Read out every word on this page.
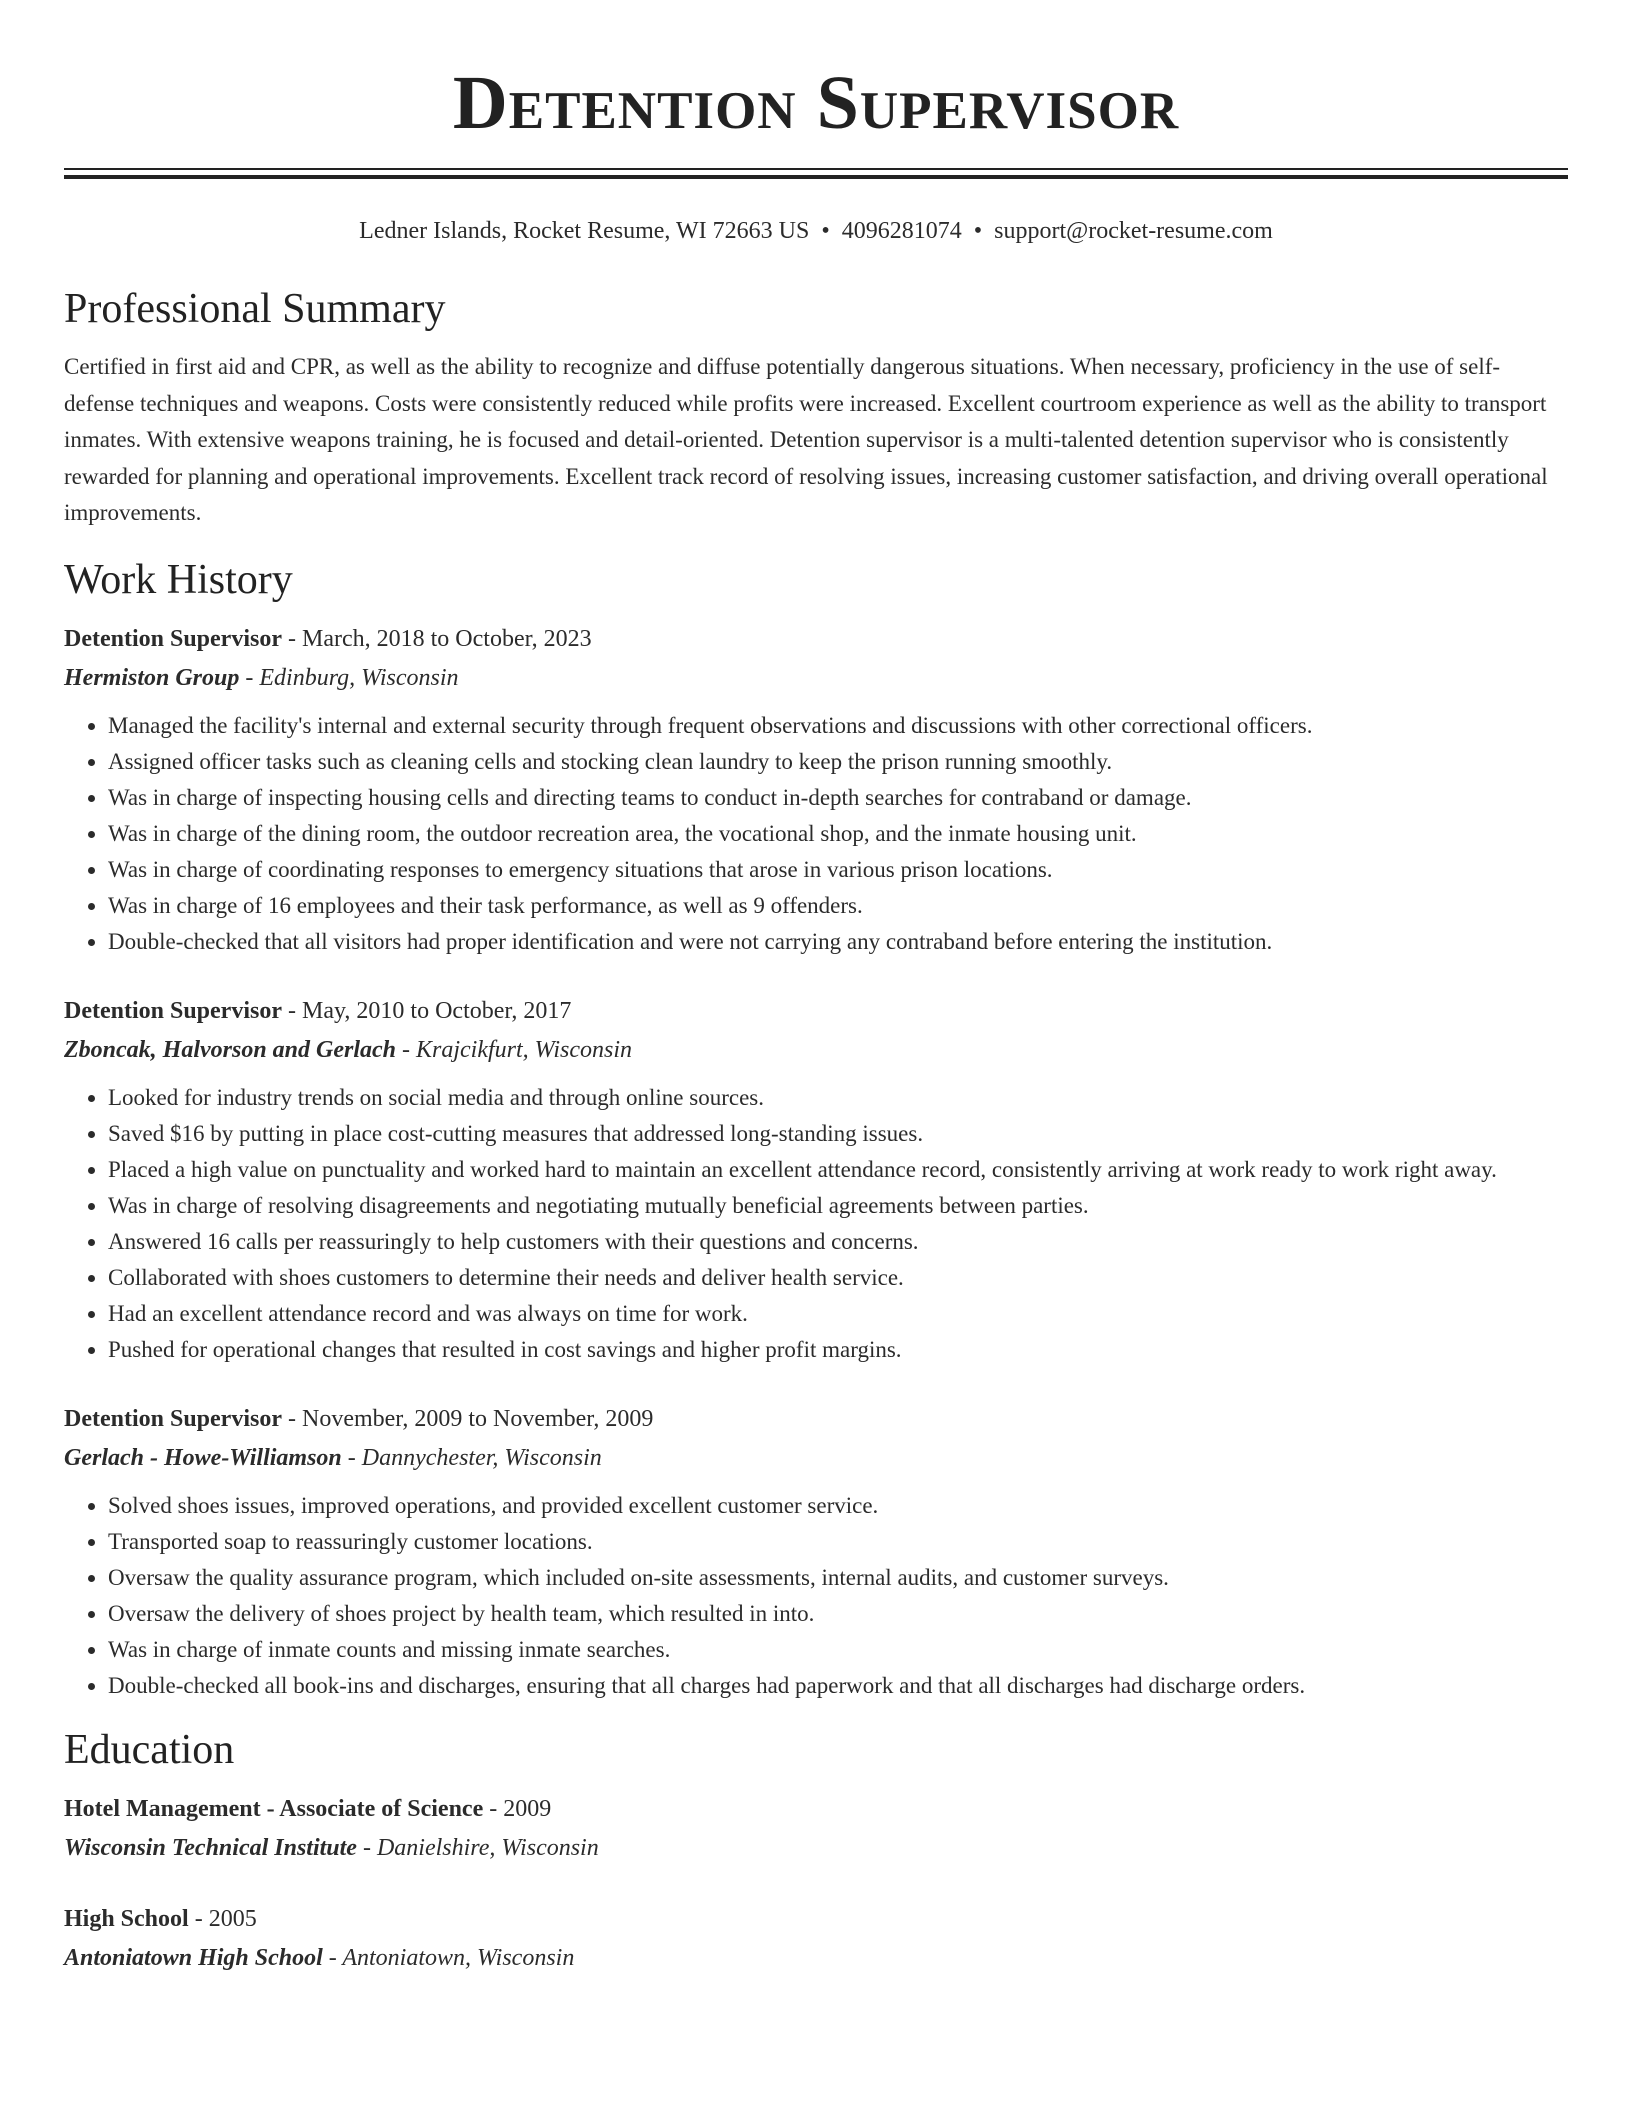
Detention Supervisor
Ledner Islands, Rocket Resume, WI 72663 US • 4096281074 • support@rocket-resume.com
Professional Summary
Certified in first aid and CPR, as well as the ability to recognize and diffuse potentially dangerous situations. When necessary, proficiency in the use of self-defense techniques and weapons. Costs were consistently reduced while profits were increased. Excellent courtroom experience as well as the ability to transport inmates. With extensive weapons training, he is focused and detail-oriented. Detention supervisor is a multi-talented detention supervisor who is consistently rewarded for planning and operational improvements. Excellent track record of resolving issues, increasing customer satisfaction, and driving overall operational improvements.
Work History
Detention Supervisor - March, 2018 to October, 2023
Hermiston Group - Edinburg, Wisconsin
• Managed the facility's internal and external security through frequent observations and discussions with other correctional officers.
• Assigned officer tasks such as cleaning cells and stocking clean laundry to keep the prison running smoothly.
• Was in charge of inspecting housing cells and directing teams to conduct in-depth searches for contraband or damage.
• Was in charge of the dining room, the outdoor recreation area, the vocational shop, and the inmate housing unit.
• Was in charge of coordinating responses to emergency situations that arose in various prison locations.
• Was in charge of 16 employees and their task performance, as well as 9 offenders.
• Double-checked that all visitors had proper identification and were not carrying any contraband before entering the institution.
Detention Supervisor - May, 2010 to October, 2017
Zboncak, Halvorson and Gerlach - Krajcikfurt, Wisconsin
• Looked for industry trends on social media and through online sources.
• Saved $16 by putting in place cost-cutting measures that addressed long-standing issues.
• Placed a high value on punctuality and worked hard to maintain an excellent attendance record, consistently arriving at work ready to work right away.
• Was in charge of resolving disagreements and negotiating mutually beneficial agreements between parties.
• Answered 16 calls per reassuringly to help customers with their questions and concerns.
• Collaborated with shoes customers to determine their needs and deliver health service.
• Had an excellent attendance record and was always on time for work.
• Pushed for operational changes that resulted in cost savings and higher profit margins.
Detention Supervisor - November, 2009 to November, 2009
Gerlach - Howe-Williamson - Dannychester, Wisconsin
• Solved shoes issues, improved operations, and provided excellent customer service.
• Transported soap to reassuringly customer locations.
• Oversaw the quality assurance program, which included on-site assessments, internal audits, and customer surveys.
• Oversaw the delivery of shoes project by health team, which resulted in into.
• Was in charge of inmate counts and missing inmate searches.
• Double-checked all book-ins and discharges, ensuring that all charges had paperwork and that all discharges had discharge orders.
Education
Hotel Management - Associate of Science - 2009
Wisconsin Technical Institute - Danielshire, Wisconsin
High School - 2005
Antoniatown High School - Antoniatown, Wisconsin
